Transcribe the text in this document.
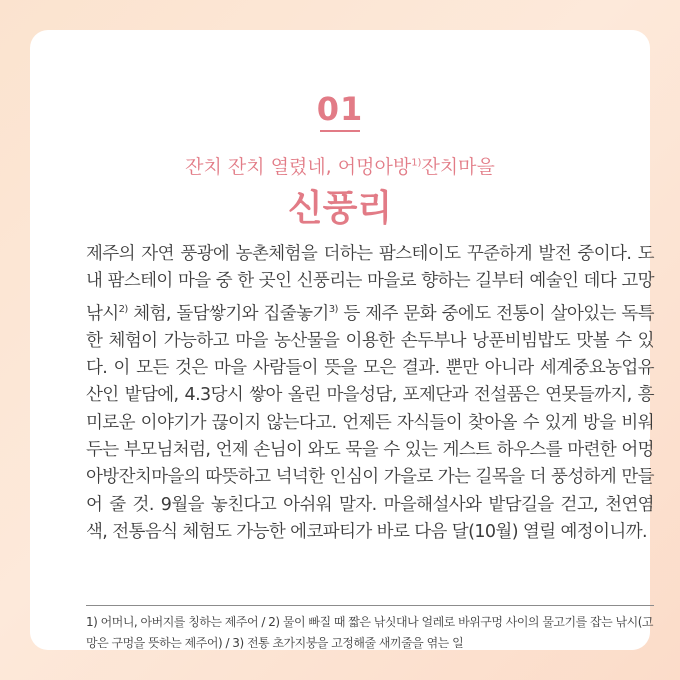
01
잔치 잔치 열렸네, 어멍아방$^{1)}$잔치마을
신풍리
제주의 자연 풍광에 농촌체험을 더하는 팜스테이도 꾸준하게 발전 중이다. 도내 팜스테이 마을 중 한 곳인 신풍리는 마을로 향하는 길부터 예술인 데다 고망낚시$^{2)}$ 체험, 돌담쌓기와 집줄놓기$^{3)}$ 등 제주 문화 중에도 전통이 살아있는 독특한 체험이 가능하고 마을 농산물을 이용한 손두부나 낭푼비빔밥도 맛볼 수 있다. 이 모든 것은 마을 사람들이 뜻을 모은 결과. 뿐만 아니라 세계중요농업유산인 밭담에, 4.3당시 쌓아 올린 마을성담, 포제단과 전설품은 연못들까지, 흥미로운 이야기가 끊이지 않는다고. 언제든 자식들이 찾아올 수 있게 방을 비워두는 부모님처럼, 언제 손님이 와도 묵을 수 있는 게스트 하우스를 마련한 어멍아방잔치마을의 따뜻하고 넉넉한 인심이 가을로 가는 길목을 더 풍성하게 만들어 줄 것. 9월을 놓친다고 아쉬워 말자. 마을해설사와 밭담길을 걷고, 천연염색, 전통음식 체험도 가능한 에코파티가 바로 다음 달(10월) 열릴 예정이니까.
1) 어머니, 아버지를 칭하는 제주어 / 2) 물이 빠질 때 짧은 낚싯대나 얼레로 바위구멍 사이의 물고기를 잡는 낚시(고망은 구멍을 뜻하는 제주어) / 3) 전통 초가지붕을 고정해줄 새끼줄을 엮는 일
